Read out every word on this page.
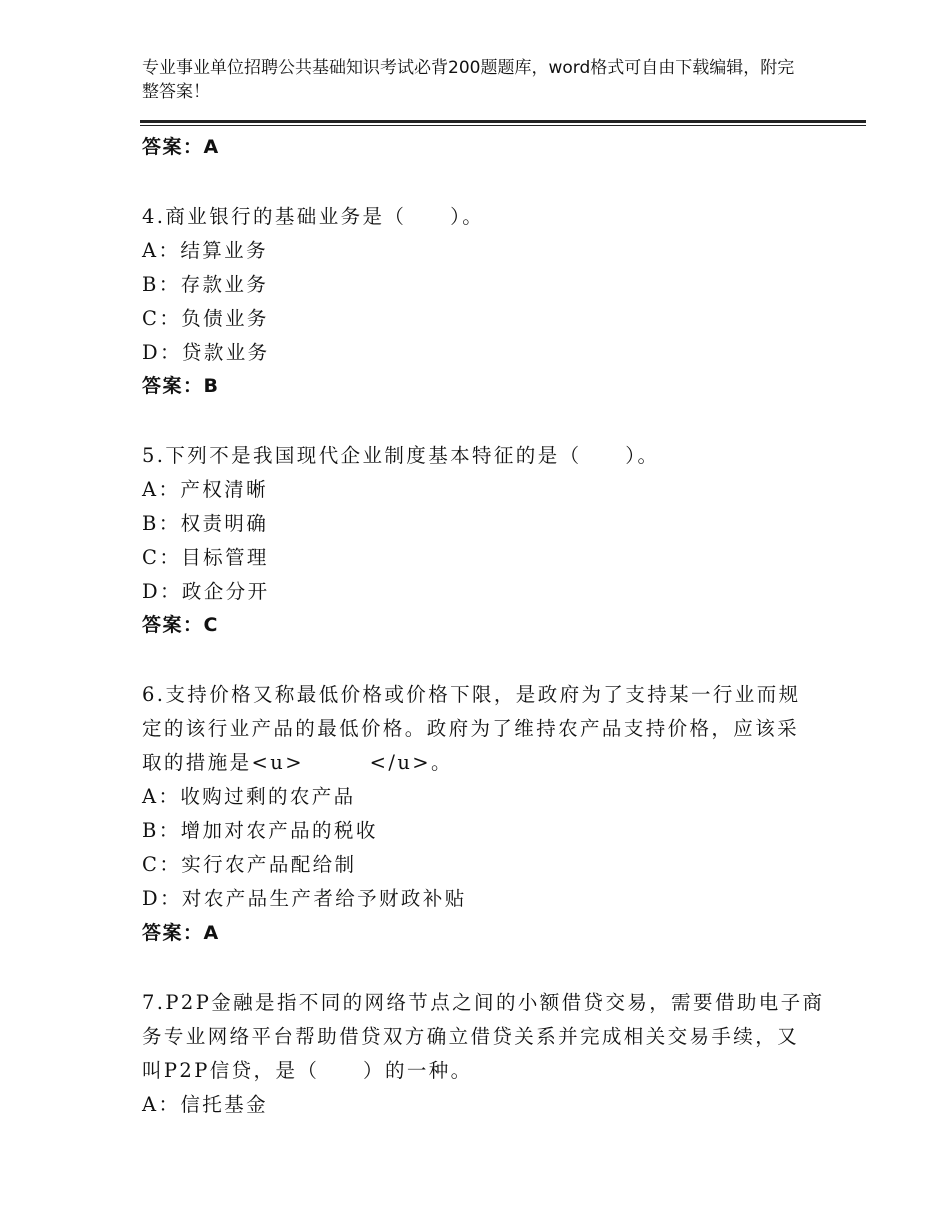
专业事业单位招聘公共基础知识考试必背200题题库，word格式可自由下载编辑，附完整答案！
答案：A
4.商业银行的基础业务是（　　）。
A：结算业务
B：存款业务
C：负债业务
D：贷款业务
答案：B
5.下列不是我国现代企业制度基本特征的是（　　）。
A：产权清晰
B：权责明确
C：目标管理
D：政企分开
答案：C
6.支持价格又称最低价格或价格下限，是政府为了支持某一行业而规
定的该行业产品的最低价格。政府为了维持农产品支持价格，应该采
取的措施是<u>　　　</u>。
A：收购过剩的农产品
B：增加对农产品的税收
C：实行农产品配给制
D：对农产品生产者给予财政补贴
答案：A
7.P2P金融是指不同的网络节点之间的小额借贷交易，需要借助电子商
务专业网络平台帮助借贷双方确立借贷关系并完成相关交易手续，又
叫P2P信贷，是（　　）的一种。
A：信托基金
